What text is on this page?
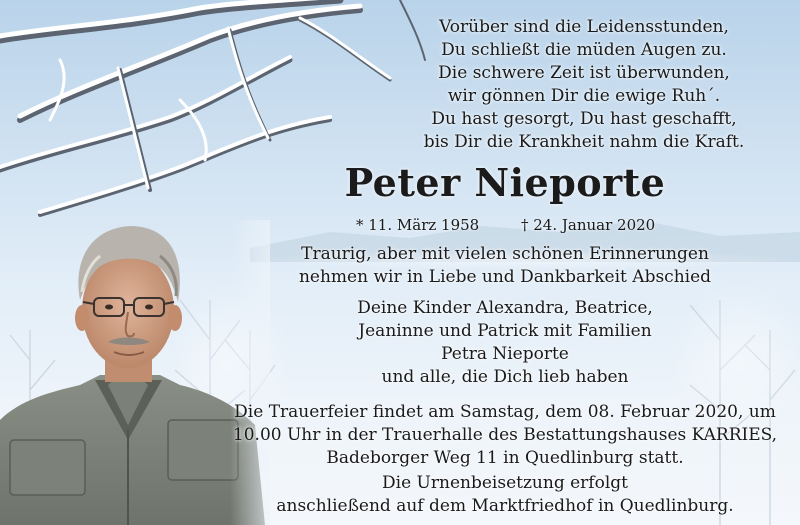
Vorüber sind die Leidensstunden,
Du schließt die müden Augen zu.
Die schwere Zeit ist überwunden,
wir gönnen Dir die ewige Ruh´.
Du hast gesorgt, Du hast geschafft,
bis Dir die Krankheit nahm die Kraft.
Peter Nieporte
* 11. März 1958	† 24. Januar 2020
Traurig, aber mit vielen schönen Erinnerungen
nehmen wir in Liebe und Dankbarkeit Abschied
Deine Kinder Alexandra, Beatrice,
Jeaninne und Patrick mit Familien
Petra Nieporte
und alle, die Dich lieb haben
Die Trauerfeier findet am Samstag, dem 08. Februar 2020, um
10.00 Uhr in der Trauerhalle des Bestattungshauses KARRIES,
Badeborger Weg 11 in Quedlinburg statt.
Die Urnenbeisetzung erfolgt
anschließend auf dem Marktfriedhof in Quedlinburg.
